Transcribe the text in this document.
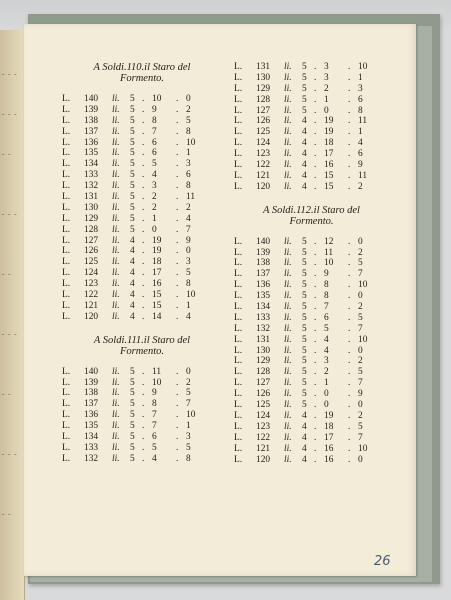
- - -
- - -
- -
- - -
- -
- - -
- -
- - -
- -
A Soldi.110.il Staro del
Formento.
L.	140	li.	5 . 10	. 0
L.	139	li.	5 . 9	. 2
L.	138	li.	5 . 8	. 5
L.	137	li.	5 . 7	. 8
L.	136	li.	5 . 6	. 10
L.	135	li.	5 . 6	. 1
L.	134	li.	5 . 5	. 3
L.	133	li.	5 . 4	. 6
L.	132	li.	5 . 3	. 8
L.	131	li.	5 . 2	. 11
L.	130	li.	5 . 2	. 2
L.	129	li.	5 . 1	. 4
L.	128	li.	5 . 0	. 7
L.	127	li.	4 . 19	. 9
L.	126	li.	4 . 19	. 0
L.	125	li.	4 . 18	. 3
L.	124	li.	4 . 17	. 5
L.	123	li.	4 . 16	. 8
L.	122	li.	4 . 15	. 10
L.	121	li.	4 . 15	. 1
L.	120	li.	4 . 14	. 4
A Soldi.111.il Staro del
Formento.
L.	140	li.	5 . 11	. 0
L.	139	li.	5 . 10	. 2
L.	138	li.	5 . 9	. 5
L.	137	li.	5 . 8	. 7
L.	136	li.	5 . 7	. 10
L.	135	li.	5 . 7	. 1
L.	134	li.	5 . 6	. 3
L.	133	li.	5 . 5	. 5
L.	132	li.	5 . 4	. 8
L.	131	li.	5 . 3	. 10
L.	130	li.	5 . 3	. 1
L.	129	li.	5 . 2	. 3
L.	128	li.	5 . 1	. 6
L.	127	li.	5 . 0	. 8
L.	126	li.	4 . 19	. 11
L.	125	li.	4 . 19	. 1
L.	124	li.	4 . 18	. 4
L.	123	li.	4 . 17	. 6
L.	122	li.	4 . 16	. 9
L.	121	li.	4 . 15	. 11
L.	120	li.	4 . 15	. 2
A Soldi.112.il Staro del
Formento.
L.	140	li.	5 . 12	. 0
L.	139	li.	5 . 11	. 2
L.	138	li.	5 . 10	. 5
L.	137	li.	5 . 9	. 7
L.	136	li.	5 . 8	. 10
L.	135	li.	5 . 8	. 0
L.	134	li.	5 . 7	. 2
L.	133	li.	5 . 6	. 5
L.	132	li.	5 . 5	. 7
L.	131	li.	5 . 4	. 10
L.	130	li.	5 . 4	. 0
L.	129	li.	5 . 3	. 2
L.	128	li.	5 . 2	. 5
L.	127	li.	5 . 1	. 7
L.	126	li.	5 . 0	. 9
L.	125	li.	5 . 0	. 0
L.	124	li.	4 . 19	. 2
L.	123	li.	4 . 18	. 5
L.	122	li.	4 . 17	. 7
L.	121	li.	4 . 16	. 10
L.	120	li.	4 . 16	. 0
26
